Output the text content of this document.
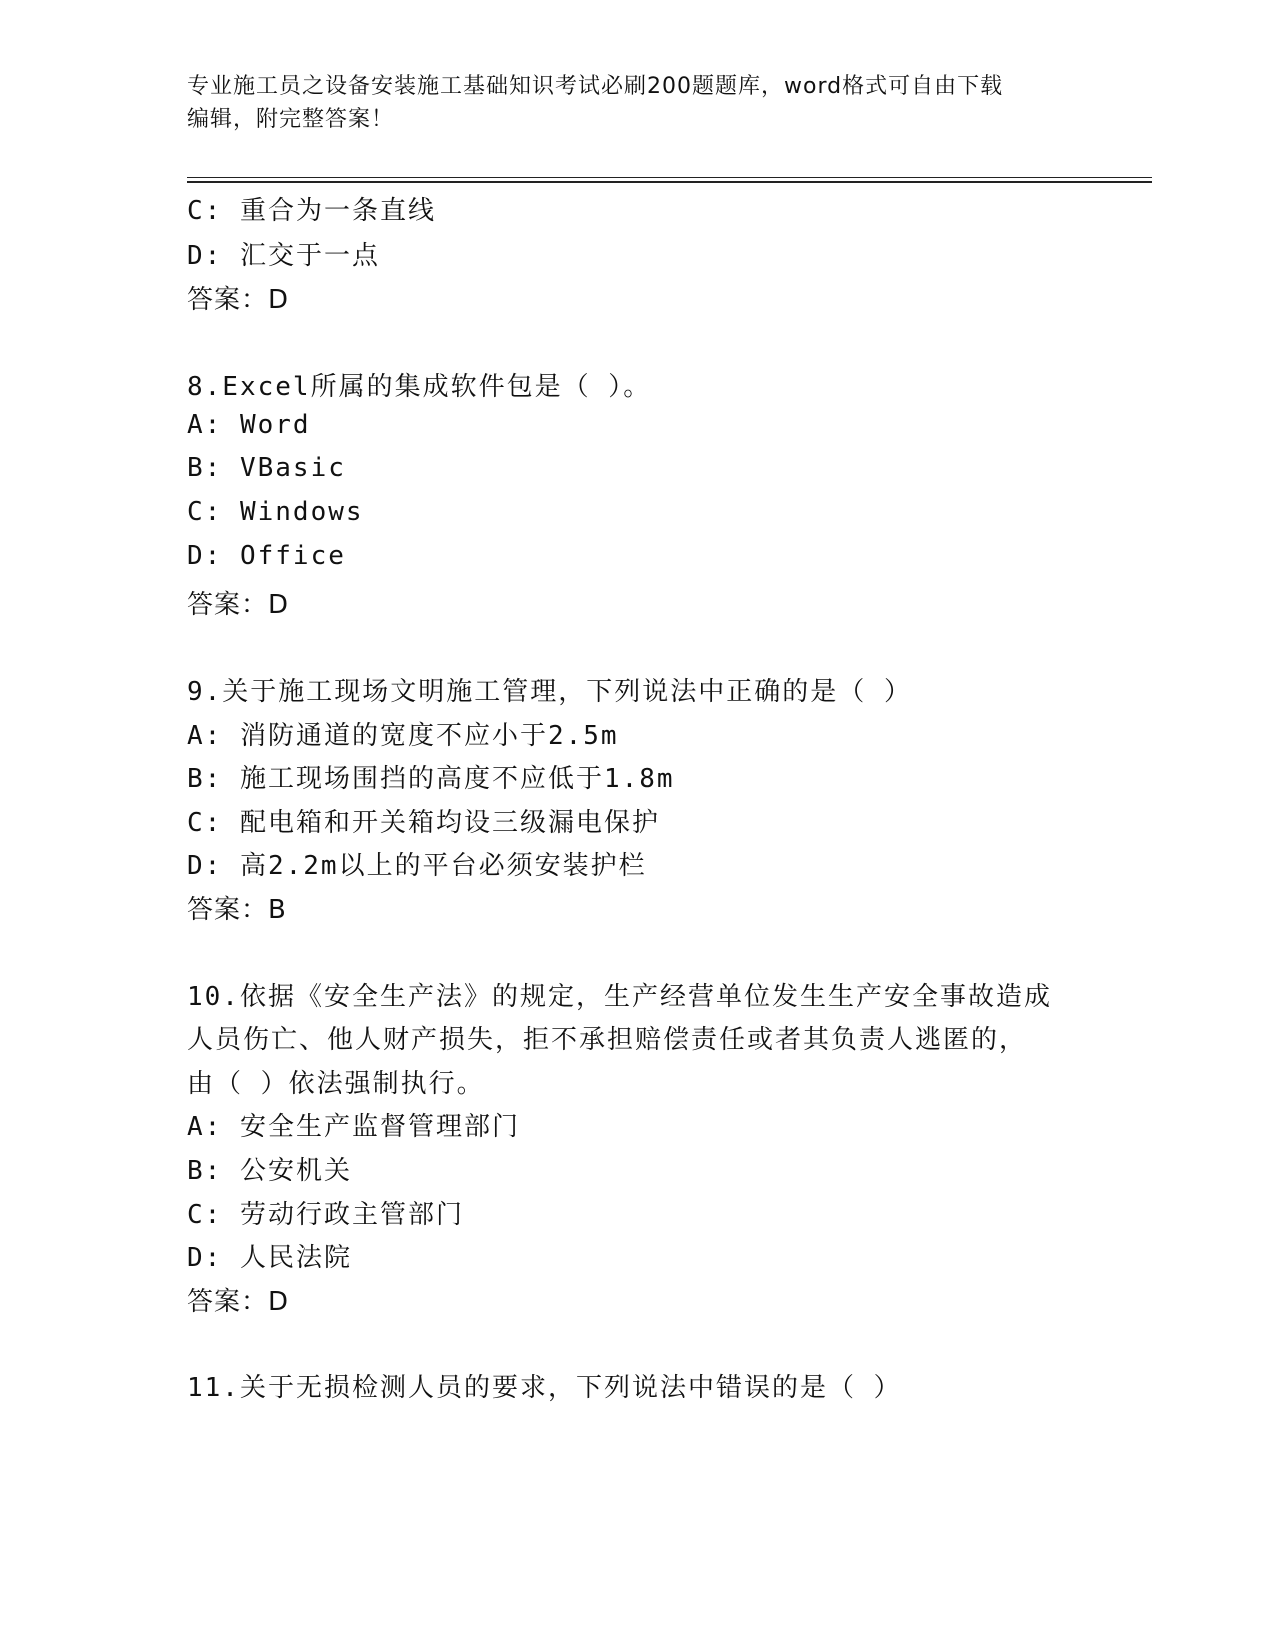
专业施工员之设备安装施工基础知识考试必刷200题题库，word格式可自由下载
编辑，附完整答案！
C: 重合为一条直线
D: 汇交于一点
答案：D
8.Excel所属的集成软件包是（ ）。
A: Word
B: VBasic
C: Windows
D: Office
答案：D
9.关于施工现场文明施工管理，下列说法中正确的是（ ）
A: 消防通道的宽度不应小于2.5m
B: 施工现场围挡的高度不应低于1.8m
C: 配电箱和开关箱均设三级漏电保护
D: 高2.2m以上的平台必须安装护栏
答案：B
10.依据《安全生产法》的规定，生产经营单位发生生产安全事故造成
人员伤亡、他人财产损失，拒不承担赔偿责任或者其负责人逃匿的，
由（ ）依法强制执行。
A: 安全生产监督管理部门
B: 公安机关
C: 劳动行政主管部门
D: 人民法院
答案：D
11.关于无损检测人员的要求，下列说法中错误的是（ ）
